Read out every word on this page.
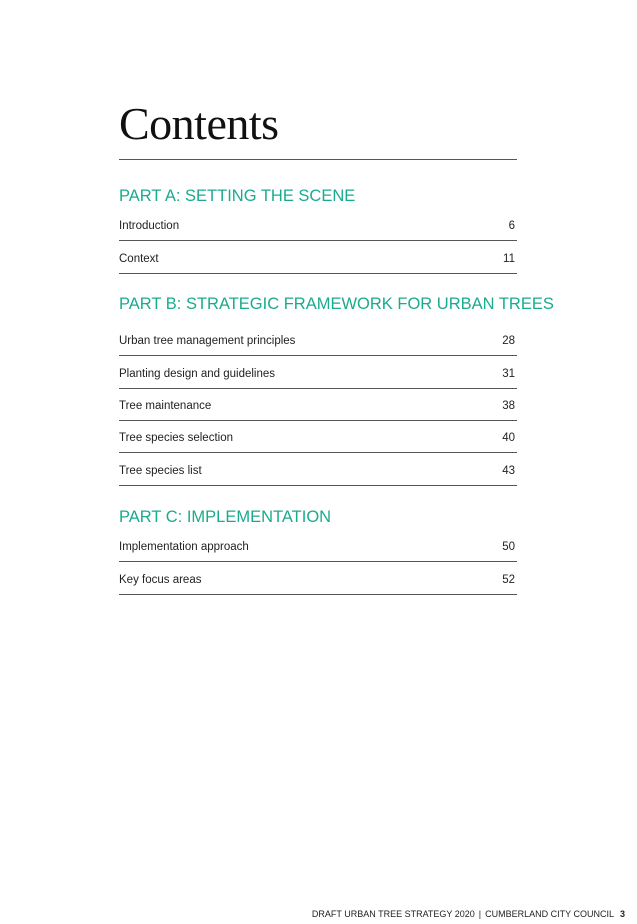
Contents
PART A: SETTING THE SCENE
Introduction	6
Context	11
PART B: STRATEGIC FRAMEWORK FOR URBAN TREES
Urban tree management principles	28
Planting design and guidelines	31
Tree maintenance	38
Tree species selection	40
Tree species list	43
PART C: IMPLEMENTATION
Implementation approach	50
Key focus areas	52
DRAFT URBAN TREE STRATEGY 2020 | CUMBERLAND CITY COUNCIL 3
